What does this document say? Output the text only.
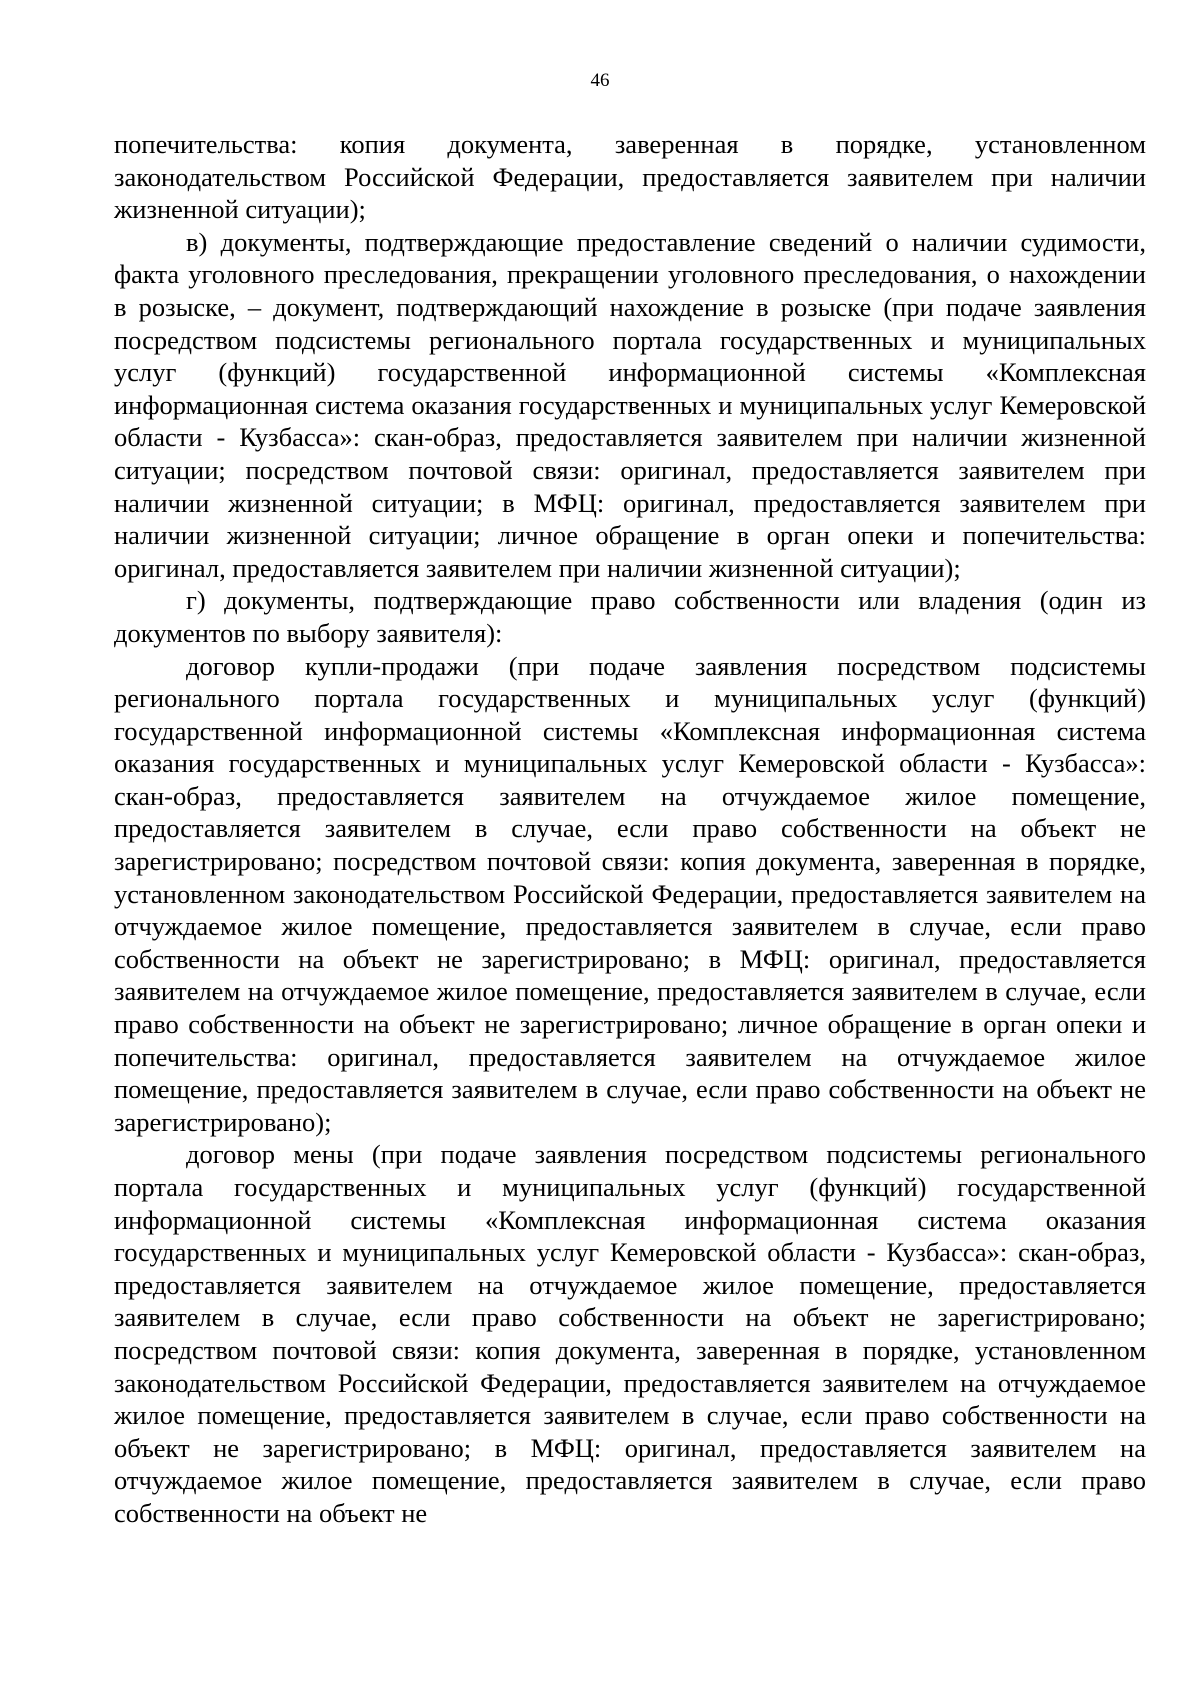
46

попечительства: копия документа, заверенная в порядке, установленном законодательством Российской Федерации, предоставляется заявителем при наличии жизненной ситуации);

в) документы, подтверждающие предоставление сведений о наличии судимости, факта уголовного преследования, прекращении уголовного преследования, о нахождении в розыске, – документ, подтверждающий нахождение в розыске (при подаче заявления посредством подсистемы регионального портала государственных и муниципальных услуг (функций) государственной информационной системы «Комплексная информационная система оказания государственных и муниципальных услуг Кемеровской области - Кузбасса»: скан-образ, предоставляется заявителем при наличии жизненной ситуации; посредством почтовой связи: оригинал, предоставляется заявителем при наличии жизненной ситуации; в МФЦ: оригинал, предоставляется заявителем при наличии жизненной ситуации; личное обращение в орган опеки и попечительства: оригинал, предоставляется заявителем при наличии жизненной ситуации);

г) документы, подтверждающие право собственности или владения (один из документов по выбору заявителя):

договор купли-продажи (при подаче заявления посредством подсистемы регионального портала государственных и муниципальных услуг (функций) государственной информационной системы «Комплексная информационная система оказания государственных и муниципальных услуг Кемеровской области - Кузбасса»: скан-образ, предоставляется заявителем на отчуждаемое жилое помещение, предоставляется заявителем в случае, если право собственности на объект не зарегистрировано; посредством почтовой связи: копия документа, заверенная в порядке, установленном законодательством Российской Федерации, предоставляется заявителем на отчуждаемое жилое помещение, предоставляется заявителем в случае, если право собственности на объект не зарегистрировано; в МФЦ: оригинал, предоставляется заявителем на отчуждаемое жилое помещение, предоставляется заявителем в случае, если право собственности на объект не зарегистрировано; личное обращение в орган опеки и попечительства: оригинал, предоставляется заявителем на отчуждаемое жилое помещение, предоставляется заявителем в случае, если право собственности на объект не зарегистрировано);

договор мены (при подаче заявления посредством подсистемы регионального портала государственных и муниципальных услуг (функций) государственной информационной системы «Комплексная информационная система оказания государственных и муниципальных услуг Кемеровской области - Кузбасса»: скан-образ, предоставляется заявителем на отчуждаемое жилое помещение, предоставляется заявителем в случае, если право собственности на объект не зарегистрировано; посредством почтовой связи: копия документа, заверенная в порядке, установленном законодательством Российской Федерации, предоставляется заявителем на отчуждаемое жилое помещение, предоставляется заявителем в случае, если право собственности на объект не зарегистрировано; в МФЦ: оригинал, предоставляется заявителем на отчуждаемое жилое помещение, предоставляется заявителем в случае, если право собственности на объект не
